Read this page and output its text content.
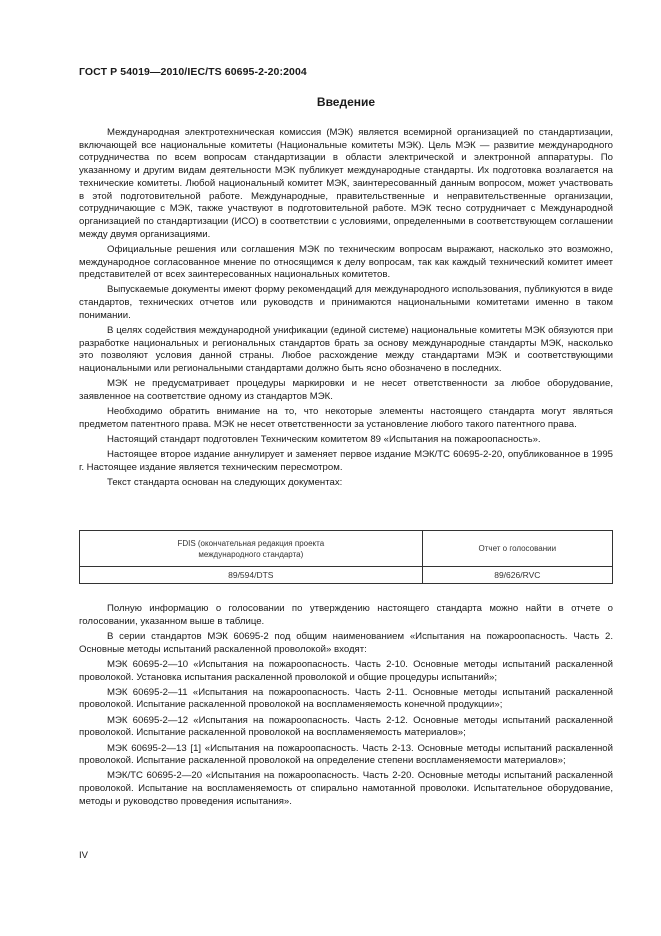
ГОСТ Р 54019—2010/IEC/TS 60695-2-20:2004
Введение

Международная электротехническая комиссия (МЭК) является всемирной организацией по стандартизации, включающей все национальные комитеты (Национальные комитеты МЭК). Цель МЭК — развитие международного сотрудничества по всем вопросам стандартизации в области электрической и электронной аппаратуры. По указанному и другим видам деятельности МЭК публикует международные стандарты. Их подготовка возлагается на технические комитеты. Любой национальный комитет МЭК, заинтересованный данным вопросом, может участвовать в этой подготовительной работе. Международные, правительственные и неправительственные организации, сотрудничающие с МЭК, также участвуют в подготовительной работе. МЭК тесно сотрудничает с Международной организацией по стандартизации (ИСО) в соответствии с условиями, определенными в соответствующем соглашении между двумя организациями.

Официальные решения или соглашения МЭК по техническим вопросам выражают, насколько это возможно, международное согласованное мнение по относящимся к делу вопросам, так как каждый технический комитет имеет представителей от всех заинтересованных национальных комитетов.

Выпускаемые документы имеют форму рекомендаций для международного использования, публикуются в виде стандартов, технических отчетов или руководств и принимаются национальными комитетами именно в таком понимании.

В целях содействия международной унификации (единой системе) национальные комитеты МЭК обязуются при разработке национальных и региональных стандартов брать за основу международные стандарты МЭК, насколько это позволяют условия данной страны. Любое расхождение между стандартами МЭК и соответствующими национальными или региональными стандартами должно быть ясно обозначено в последних.

МЭК не предусматривает процедуры маркировки и не несет ответственности за любое оборудование, заявленное на соответствие одному из стандартов МЭК.

Необходимо обратить внимание на то, что некоторые элементы настоящего стандарта могут являться предметом патентного права. МЭК не несет ответственности за установление любого такого патентного права.

Настоящий стандарт подготовлен Техническим комитетом 89 «Испытания на пожароопасность».

Настоящее второе издание аннулирует и заменяет первое издание МЭК/TC 60695-2-20, опубликованное в 1995 г. Настоящее издание является техническим пересмотром.

Текст стандарта основан на следующих документах:

FDIS (окончательная редакция проекта
международного стандарта)	Отчет о голосовании
89/594/DTS	89/626/RVC

Полную информацию о голосовании по утверждению настоящего стандарта можно найти в отчете о голосовании, указанном выше в таблице.

В серии стандартов МЭК 60695-2 под общим наименованием «Испытания на пожароопасность. Часть 2. Основные методы испытаний раскаленной проволокой» входят:

МЭК 60695-2—10 «Испытания на пожароопасность. Часть 2-10. Основные методы испытаний раскаленной проволокой. Установка испытания раскаленной проволокой и общие процедуры испытаний»;

МЭК 60695-2—11 «Испытания на пожароопасность. Часть 2-11. Основные методы испытаний раскаленной проволокой. Испытание раскаленной проволокой на воспламеняемость конечной продукции»;

МЭК 60695-2—12 «Испытания на пожароопасность. Часть 2-12. Основные методы испытаний раскаленной проволокой. Испытание раскаленной проволокой на воспламеняемость материалов»;

МЭК 60695-2—13 [1] «Испытания на пожароопасность. Часть 2-13. Основные методы испытаний раскаленной проволокой. Испытание раскаленной проволокой на определение степени воспламеняемости материалов»;

МЭК/TC 60695-2—20 «Испытания на пожароопасность. Часть 2-20. Основные методы испытаний раскаленной проволокой. Испытание на воспламеняемость от спирально намотанной проволоки. Испытательное оборудование, методы и руководство проведения испытания».

IV
